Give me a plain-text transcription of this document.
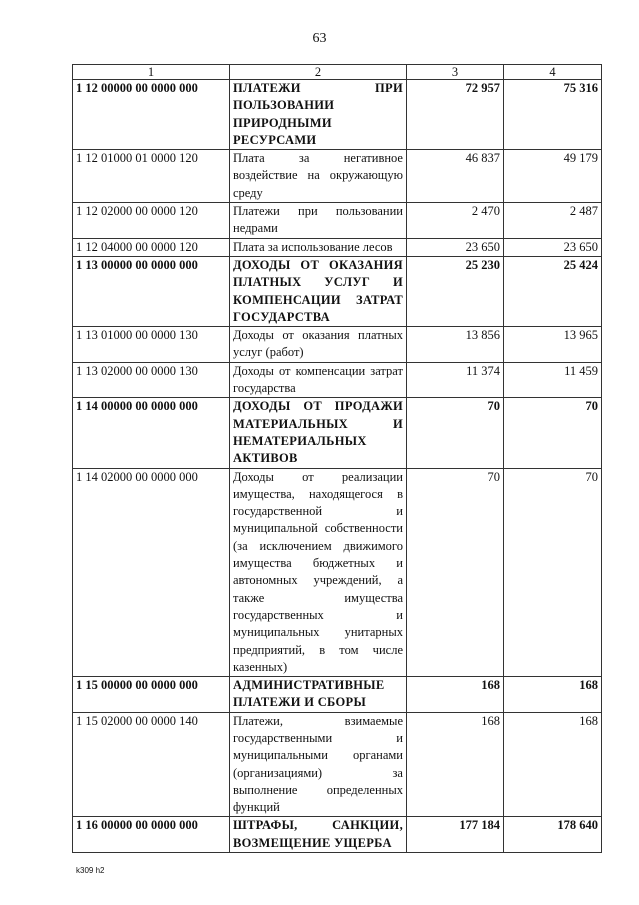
63
1	2	3	4
1 12 00000 00 0000 000	ПЛАТЕЖИ ПРИ ПОЛЬЗОВАНИИ ПРИРОДНЫМИ РЕСУРСАМИ	72 957	75 316
1 12 01000 01 0000 120	Плата за негативное воздействие на окружающую среду	46 837	49 179
1 12 02000 00 0000 120	Платежи при пользовании недрами	2 470	2 487
1 12 04000 00 0000 120	Плата за использование лесов	23 650	23 650
1 13 00000 00 0000 000	ДОХОДЫ ОТ ОКАЗАНИЯ ПЛАТНЫХ УСЛУГ И КОМПЕНСАЦИИ ЗАТРАТ ГОСУДАРСТВА	25 230	25 424
1 13 01000 00 0000 130	Доходы от оказания платных услуг (работ)	13 856	13 965
1 13 02000 00 0000 130	Доходы от компенсации затрат государства	11 374	11 459
1 14 00000 00 0000 000	ДОХОДЫ ОТ ПРОДАЖИ МАТЕРИАЛЬНЫХ И НЕМАТЕРИАЛЬНЫХ АКТИВОВ	70	70
1 14 02000 00 0000 000	Доходы от реализации имущества, находящегося в государственной и муниципальной собственности (за исключением движимого имущества бюджетных и автономных учреждений, а также имущества государственных и муниципальных унитарных предприятий, в том числе казенных)	70	70
1 15 00000 00 0000 000	АДМИНИСТРАТИВНЫЕ ПЛАТЕЖИ И СБОРЫ	168	168
1 15 02000 00 0000 140	Платежи, взимаемые государственными и муниципальными органами (организациями) за выполнение определенных функций	168	168
1 16 00000 00 0000 000	ШТРАФЫ, САНКЦИИ, ВОЗМЕЩЕНИЕ УЩЕРБА	177 184	178 640
k309 h2
